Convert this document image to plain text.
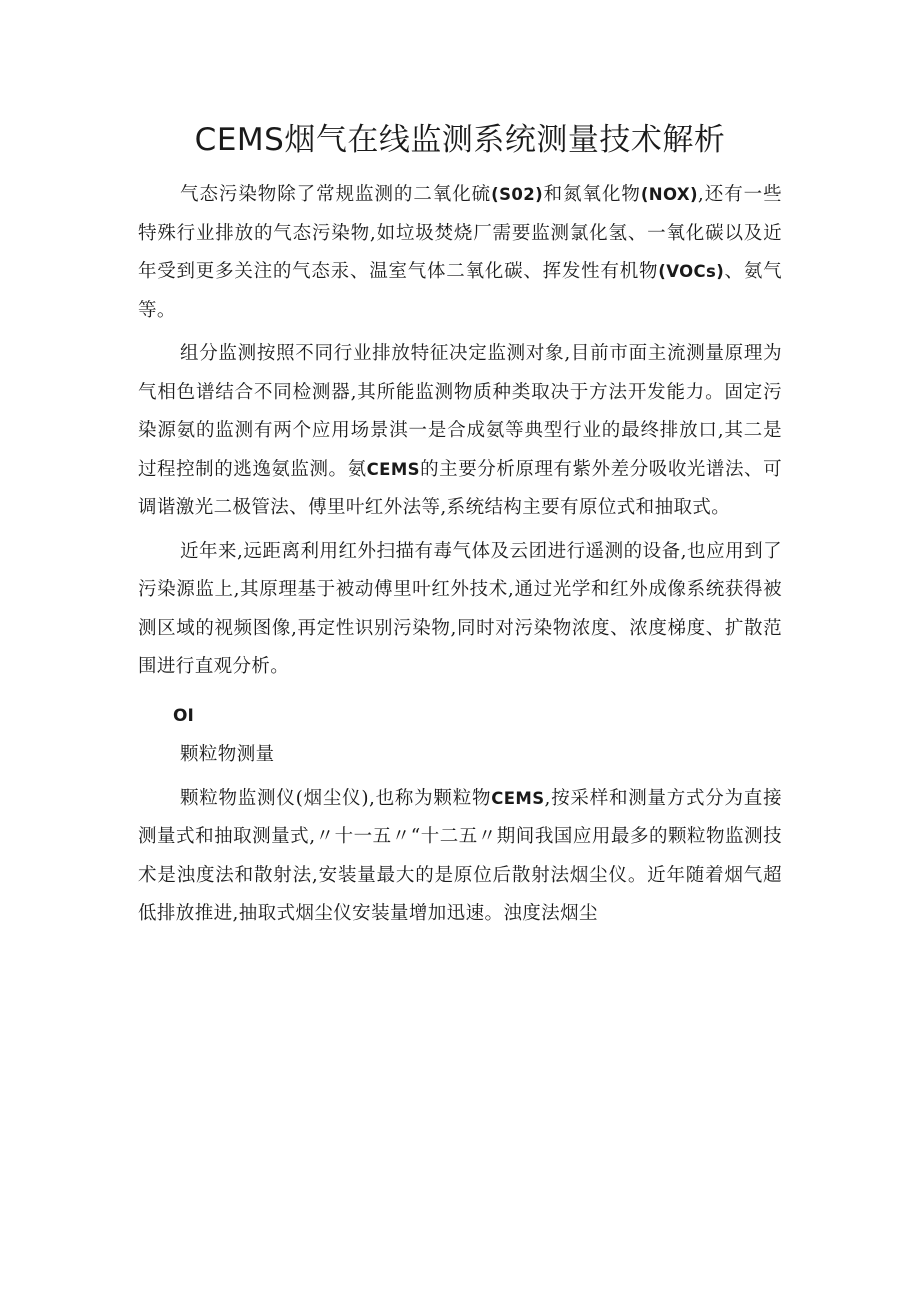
CEMS烟气在线监测系统测量技术解析

气态污染物除了常规监测的二氧化硫(S02)和氮氧化物(NOX),还有一些特殊行业排放的气态污染物,如垃圾焚烧厂需要监测氯化氢、一氧化碳以及近年受到更多关注的气态汞、温室气体二氧化碳、挥发性有机物(VOCs)、氨气等。

组分监测按照不同行业排放特征决定监测对象,目前市面主流测量原理为气相色谱结合不同检测器,其所能监测物质种类取决于方法开发能力。固定污染源氨的监测有两个应用场景淇一是合成氨等典型行业的最终排放口,其二是过程控制的逃逸氨监测。氨CEMS的主要分析原理有紫外差分吸收光谱法、可调谐激光二极管法、傅里叶红外法等,系统结构主要有原位式和抽取式。

近年来,远距离利用红外扫描有毒气体及云团进行遥测的设备,也应用到了污染源监上,其原理基于被动傅里叶红外技术,通过光学和红外成像系统获得被测区域的视频图像,再定性识别污染物,同时对污染物浓度、浓度梯度、扩散范围进行直观分析。

OI
颗粒物测量

颗粒物监测仪(烟尘仪),也称为颗粒物CEMS,按采样和测量方式分为直接测量式和抽取测量式,〃十一五〃“十二五〃期间我国应用最多的颗粒物监测技术是浊度法和散射法,安装量最大的是原位后散射法烟尘仪。近年随着烟气超低排放推进,抽取式烟尘仪安装量增加迅速。浊度法烟尘
